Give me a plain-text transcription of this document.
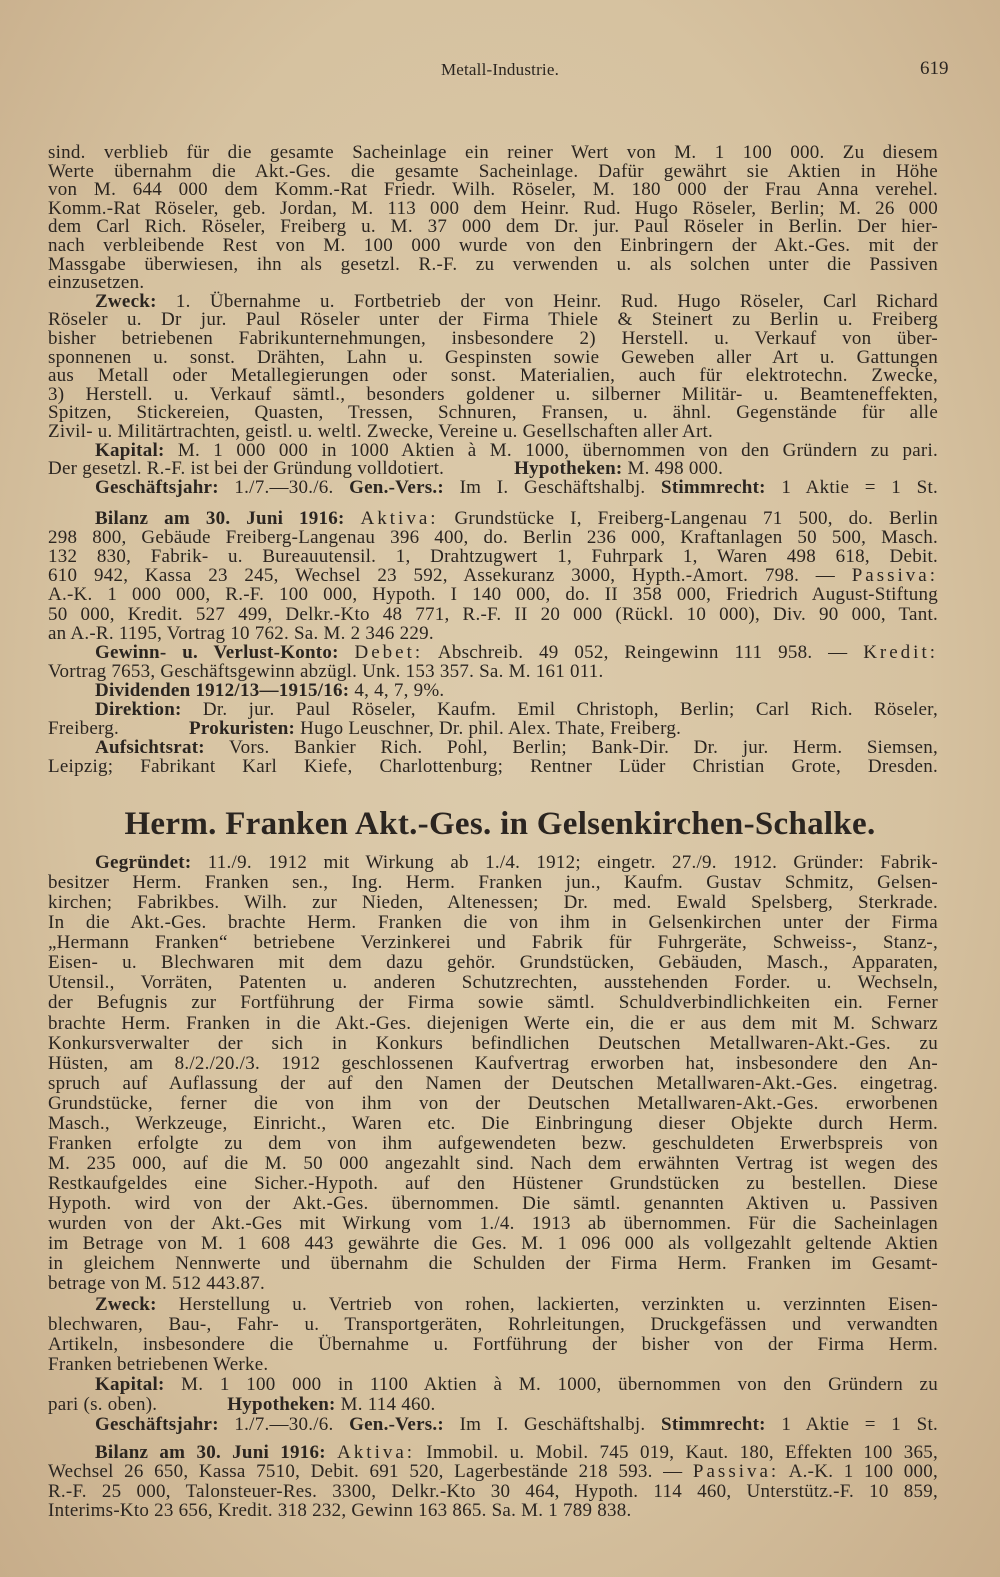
Metall-Industrie.	619
Herm. Franken Akt.-Ges. in Gelsenkirchen-Schalke.
sind. verblieb für die gesamte Sacheinlage ein reiner Wert von M. 1 100 000. Zu diesem
Werte übernahm die Akt.-Ges. die gesamte Sacheinlage. Dafür gewährt sie Aktien in Höhe
von M. 644 000 dem Komm.-Rat Friedr. Wilh. Röseler, M. 180 000 der Frau Anna verehel.
Komm.-Rat Röseler, geb. Jordan, M. 113 000 dem Heinr. Rud. Hugo Röseler, Berlin; M. 26 000
dem Carl Rich. Röseler, Freiberg u. M. 37 000 dem Dr. jur. Paul Röseler in Berlin. Der hier-
nach verbleibende Rest von M. 100 000 wurde von den Einbringern der Akt.-Ges. mit der
Massgabe überwiesen, ihn als gesetzl. R.-F. zu verwenden u. als solchen unter die Passiven
einzusetzen.
Zweck: 1. Übernahme u. Fortbetrieb der von Heinr. Rud. Hugo Röseler, Carl Richard
Röseler u. Dr jur. Paul Röseler unter der Firma Thiele & Steinert zu Berlin u. Freiberg
bisher betriebenen Fabrikunternehmungen, insbesondere 2) Herstell. u. Verkauf von über-
sponnenen u. sonst. Drähten, Lahn u. Gespinsten sowie Geweben aller Art u. Gattungen
aus Metall oder Metallegierungen oder sonst. Materialien, auch für elektrotechn. Zwecke,
3) Herstell. u. Verkauf sämtl., besonders goldener u. silberner Militär- u. Beamteneffekten,
Spitzen, Stickereien, Quasten, Tressen, Schnuren, Fransen, u. ähnl. Gegenstände für alle
Zivil- u. Militärtrachten, geistl. u. weltl. Zwecke, Vereine u. Gesellschaften aller Art.
Kapital: M. 1 000 000 in 1000 Aktien à M. 1000, übernommen von den Gründern zu pari.
Der gesetzl. R.-F. ist bei der Gründung volldotiert.	Hypotheken: M. 498 000.
Geschäftsjahr: 1./7.—30./6. Gen.-Vers.: Im I. Geschäftshalbj. Stimmrecht: 1 Aktie = 1 St.
Bilanz am 30. Juni 1916: Aktiva: Grundstücke I, Freiberg-Langenau 71 500, do. Berlin
298 800, Gebäude Freiberg-Langenau 396 400, do. Berlin 236 000, Kraftanlagen 50 500, Masch.
132 830, Fabrik- u. Bureauutensil. 1, Drahtzugwert 1, Fuhrpark 1, Waren 498 618, Debit.
610 942, Kassa 23 245, Wechsel 23 592, Assekuranz 3000, Hypth.-Amort. 798. — Passiva:
A.-K. 1 000 000, R.-F. 100 000, Hypoth. I 140 000, do. II 358 000, Friedrich August-Stiftung
50 000, Kredit. 527 499, Delkr.-Kto 48 771, R.-F. II 20 000 (Rückl. 10 000), Div. 90 000, Tant.
an A.-R. 1195, Vortrag 10 762. Sa. M. 2 346 229.
Gewinn- u. Verlust-Konto: Debet: Abschreib. 49 052, Reingewinn 111 958. — Kredit:
Vortrag 7653, Geschäftsgewinn abzügl. Unk. 153 357. Sa. M. 161 011.
Dividenden 1912/13—1915/16: 4, 4, 7, 9%.
Direktion: Dr. jur. Paul Röseler, Kaufm. Emil Christoph, Berlin; Carl Rich. Röseler,
Freiberg.	Prokuristen: Hugo Leuschner, Dr. phil. Alex. Thate, Freiberg.
Aufsichtsrat: Vors. Bankier Rich. Pohl, Berlin; Bank-Dir. Dr. jur. Herm. Siemsen,
Leipzig; Fabrikant Karl Kiefe, Charlottenburg; Rentner Lüder Christian Grote, Dresden.
Gegründet: 11./9. 1912 mit Wirkung ab 1./4. 1912; eingetr. 27./9. 1912. Gründer: Fabrik-
besitzer Herm. Franken sen., Ing. Herm. Franken jun., Kaufm. Gustav Schmitz, Gelsen-
kirchen; Fabrikbes. Wilh. zur Nieden, Altenessen; Dr. med. Ewald Spelsberg, Sterkrade.
In die Akt.-Ges. brachte Herm. Franken die von ihm in Gelsenkirchen unter der Firma
„Hermann Franken“ betriebene Verzinkerei und Fabrik für Fuhrgeräte, Schweiss-, Stanz-,
Eisen- u. Blechwaren mit dem dazu gehör. Grundstücken, Gebäuden, Masch., Apparaten,
Utensil., Vorräten, Patenten u. anderen Schutzrechten, ausstehenden Forder. u. Wechseln,
der Befugnis zur Fortführung der Firma sowie sämtl. Schuldverbindlichkeiten ein. Ferner
brachte Herm. Franken in die Akt.-Ges. diejenigen Werte ein, die er aus dem mit M. Schwarz
Konkursverwalter der sich in Konkurs befindlichen Deutschen Metallwaren-Akt.-Ges. zu
Hüsten, am 8./2./20./3. 1912 geschlossenen Kaufvertrag erworben hat, insbesondere den An-
spruch auf Auflassung der auf den Namen der Deutschen Metallwaren-Akt.-Ges. eingetrag.
Grundstücke, ferner die von ihm von der Deutschen Metallwaren-Akt.-Ges. erworbenen
Masch., Werkzeuge, Einricht., Waren etc. Die Einbringung dieser Objekte durch Herm.
Franken erfolgte zu dem von ihm aufgewendeten bezw. geschuldeten Erwerbspreis von
M. 235 000, auf die M. 50 000 angezahlt sind. Nach dem erwähnten Vertrag ist wegen des
Restkaufgeldes eine Sicher.-Hypoth. auf den Hüstener Grundstücken zu bestellen. Diese
Hypoth. wird von der Akt.-Ges. übernommen. Die sämtl. genannten Aktiven u. Passiven
wurden von der Akt.-Ges mit Wirkung vom 1./4. 1913 ab übernommen. Für die Sacheinlagen
im Betrage von M. 1 608 443 gewährte die Ges. M. 1 096 000 als vollgezahlt geltende Aktien
in gleichem Nennwerte und übernahm die Schulden der Firma Herm. Franken im Gesamt-
betrage von M. 512 443.87.
Zweck: Herstellung u. Vertrieb von rohen, lackierten, verzinkten u. verzinnten Eisen-
blechwaren, Bau-, Fahr- u. Transportgeräten, Rohrleitungen, Druckgefässen und verwandten
Artikeln, insbesondere die Übernahme u. Fortführung der bisher von der Firma Herm.
Franken betriebenen Werke.
Kapital: M. 1 100 000 in 1100 Aktien à M. 1000, übernommen von den Gründern zu
pari (s. oben).	Hypotheken: M. 114 460.
Geschäftsjahr: 1./7.—30./6. Gen.-Vers.: Im I. Geschäftshalbj. Stimmrecht: 1 Aktie = 1 St.
Bilanz am 30. Juni 1916: Aktiva: Immobil. u. Mobil. 745 019, Kaut. 180, Effekten 100 365,
Wechsel 26 650, Kassa 7510, Debit. 691 520, Lagerbestände 218 593. — Passiva: A.-K. 1 100 000,
R.-F. 25 000, Talonsteuer-Res. 3300, Delkr.-Kto 30 464, Hypoth. 114 460, Unterstütz.-F. 10 859,
Interims-Kto 23 656, Kredit. 318 232, Gewinn 163 865. Sa. M. 1 789 838.
